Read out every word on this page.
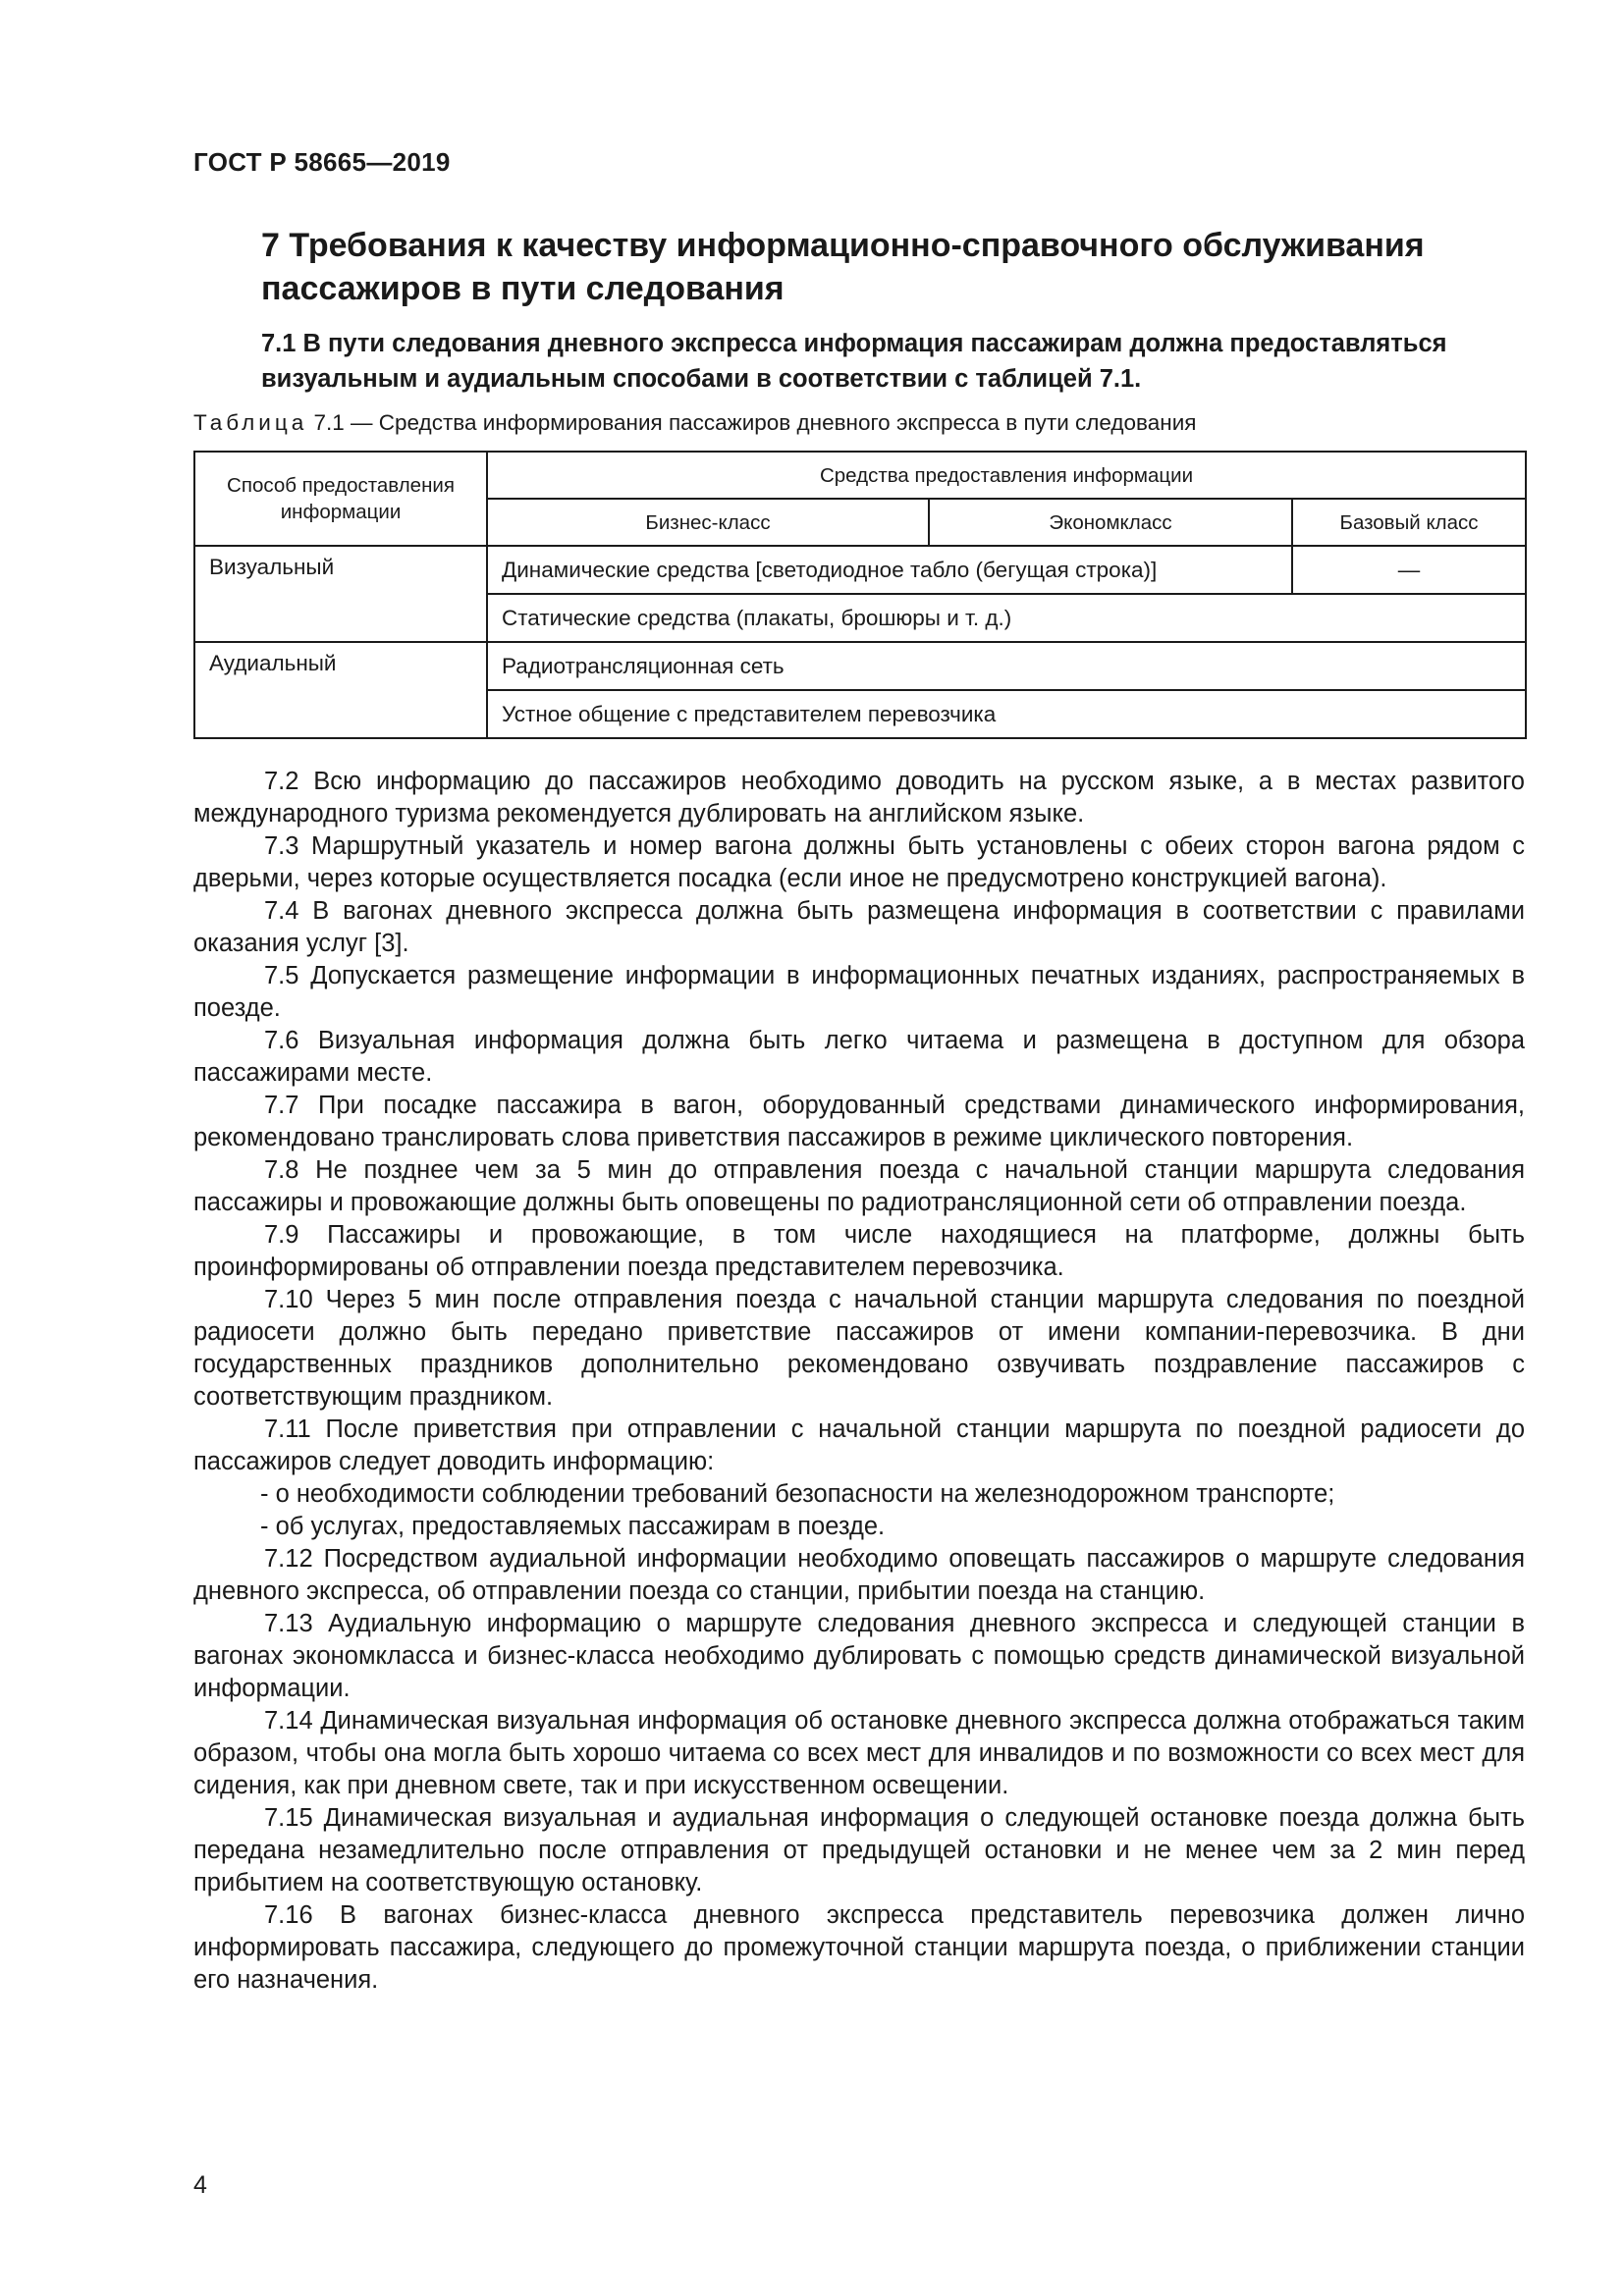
ГОСТ Р 58665—2019
7 Требования к качеству информационно-справочного обслуживания пассажиров в пути следования
7.1 В пути следования дневного экспресса информация пассажирам должна предоставляться визуальным и аудиальным способами в соответствии с таблицей 7.1.
Таблица 7.1 — Средства информирования пассажиров дневного экспресса в пути следования
Способ предоставления информации	Средства предоставления информации		
	Бизнес-класс	Экономкласс	Базовый класс
Визуальный	Динамические средства [светодиодное табло (бегущая строка)]		—
	Статические средства (плакаты, брошюры и т. д.)		
Аудиальный	Радиотрансляционная сеть		
	Устное общение с представителем перевозчика		

7.2 Всю информацию до пассажиров необходимо доводить на русском языке, а в местах развитого международного туризма рекомендуется дублировать на английском языке.

7.3 Маршрутный указатель и номер вагона должны быть установлены с обеих сторон вагона рядом с дверьми, через которые осуществляется посадка (если иное не предусмотрено конструкцией вагона).

7.4 В вагонах дневного экспресса должна быть размещена информация в соответствии с правилами оказания услуг [3].

7.5 Допускается размещение информации в информационных печатных изданиях, распространяемых в поезде.

7.6 Визуальная информация должна быть легко читаема и размещена в доступном для обзора пассажирами месте.

7.7 При посадке пассажира в вагон, оборудованный средствами динамического информирования, рекомендовано транслировать слова приветствия пассажиров в режиме циклического повторения.

7.8 Не позднее чем за 5 мин до отправления поезда с начальной станции маршрута следования пассажиры и провожающие должны быть оповещены по радиотрансляционной сети об отправлении поезда.

7.9 Пассажиры и провожающие, в том числе находящиеся на платформе, должны быть проинформированы об отправлении поезда представителем перевозчика.

7.10 Через 5 мин после отправления поезда с начальной станции маршрута следования по поездной радиосети должно быть передано приветствие пассажиров от имени компании-перевозчика. В дни государственных праздников дополнительно рекомендовано озвучивать поздравление пассажиров с соответствующим праздником.

7.11 После приветствия при отправлении с начальной станции маршрута по поездной радиосети до пассажиров следует доводить информацию:

- о необходимости соблюдении требований безопасности на железнодорожном транспорте;

- об услугах, предоставляемых пассажирам в поезде.

7.12 Посредством аудиальной информации необходимо оповещать пассажиров о маршруте следования дневного экспресса, об отправлении поезда со станции, прибытии поезда на станцию.

7.13 Аудиальную информацию о маршруте следования дневного экспресса и следующей станции в вагонах экономкласса и бизнес-класса необходимо дублировать с помощью средств динамической визуальной информации.

7.14 Динамическая визуальная информация об остановке дневного экспресса должна отображаться таким образом, чтобы она могла быть хорошо читаема со всех мест для инвалидов и по возможности со всех мест для сидения, как при дневном свете, так и при искусственном освещении.

7.15 Динамическая визуальная и аудиальная информация о следующей остановке поезда должна быть передана незамедлительно после отправления от предыдущей остановки и не менее чем за 2 мин перед прибытием на соответствующую остановку.

7.16 В вагонах бизнес-класса дневного экспресса представитель перевозчика должен лично информировать пассажира, следующего до промежуточной станции маршрута поезда, о приближении станции его назначения.

4
